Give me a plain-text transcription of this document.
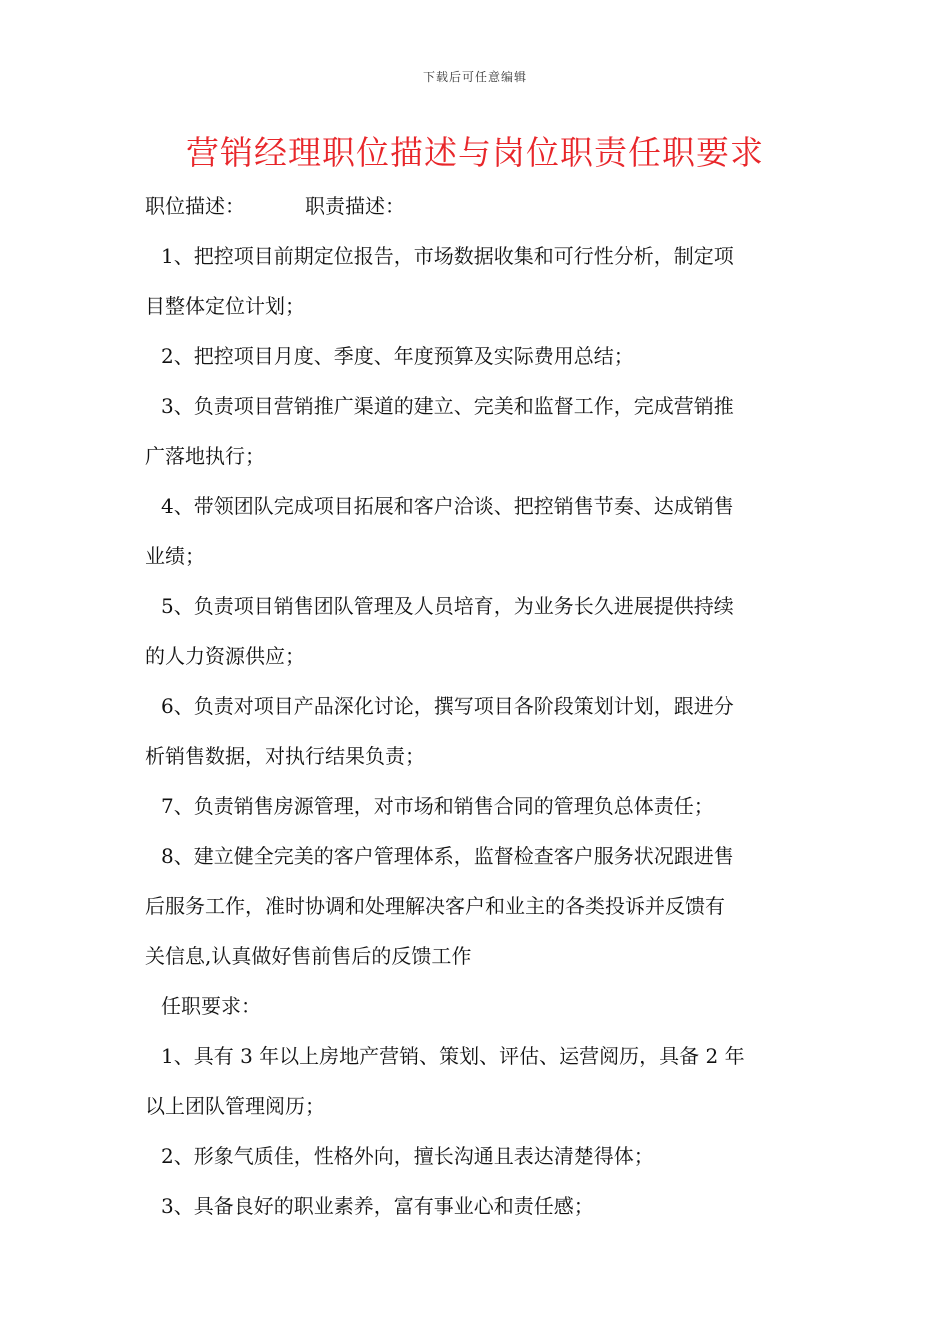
下载后可任意编辑
营销经理职位描述与岗位职责任职要求
职位描述：	职责描述：
1、把控项目前期定位报告，市场数据收集和可行性分析，制定项
目整体定位计划；
2、把控项目月度、季度、年度预算及实际费用总结；
3、负责项目营销推广渠道的建立、完美和监督工作，完成营销推
广落地执行；
4、带领团队完成项目拓展和客户洽谈、把控销售节奏、达成销售
业绩；
5、负责项目销售团队管理及人员培育，为业务长久进展提供持续
的人力资源供应；
6、负责对项目产品深化讨论，撰写项目各阶段策划计划，跟进分
析销售数据，对执行结果负责；
7、负责销售房源管理，对市场和销售合同的管理负总体责任；
8、建立健全完美的客户管理体系，监督检查客户服务状况跟进售
后服务工作，准时协调和处理解决客户和业主的各类投诉并反馈有
关信息,认真做好售前售后的反馈工作
任职要求：
1、具有 3 年以上房地产营销、策划、评估、运营阅历，具备 2 年
以上团队管理阅历；
2、形象气质佳，性格外向，擅长沟通且表达清楚得体；
3、具备良好的职业素养，富有事业心和责任感；
